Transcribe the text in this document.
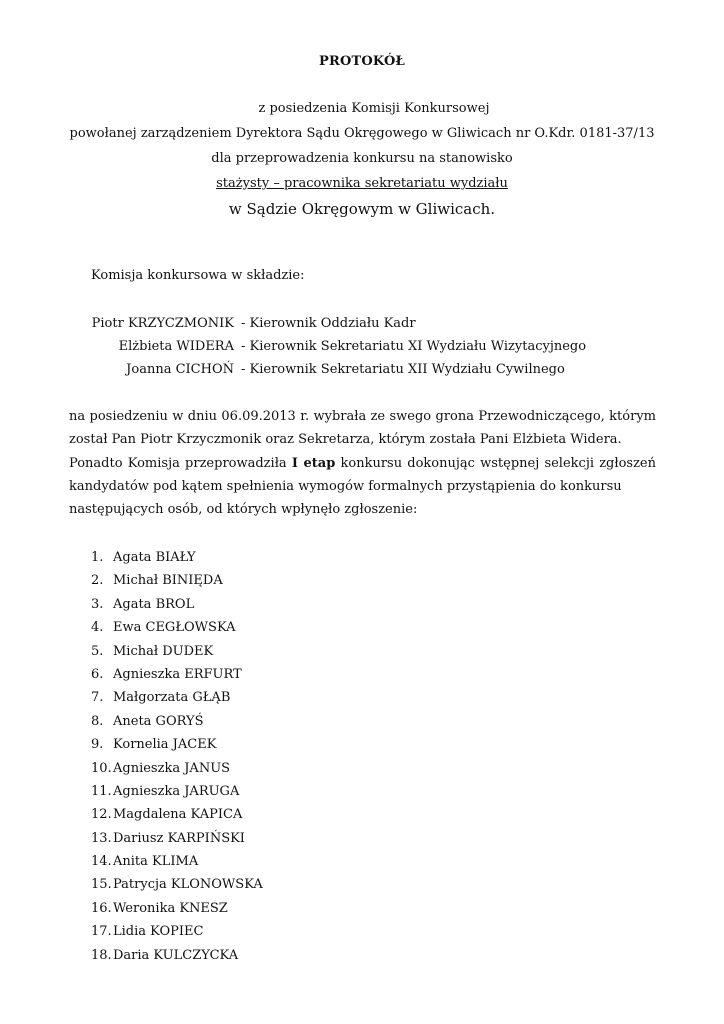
PROTOKÓŁ
z posiedzenia Komisji Konkursowej
powołanej zarządzeniem Dyrektora Sądu Okręgowego w Gliwicach nr O.Kdr. 0181-37/13
dla przeprowadzenia konkursu na stanowisko
stażysty – pracownika sekretariatu wydziału
w Sądzie Okręgowym w Gliwicach.
Komisja konkursowa w składzie:
Piotr KRZYCZMONIK - Kierownik Oddziału Kadr
Elżbieta WIDERA - Kierownik Sekretariatu XI Wydziału Wizytacyjnego
Joanna CICHOŃ - Kierownik Sekretariatu XII Wydziału Cywilnego

na posiedzeniu w dniu 06.09.2013 r. wybrała ze swego grona Przewodniczącego, którym został Pan Piotr Krzyczmonik oraz Sekretarza, którym została Pani Elżbieta Widera.

Ponadto Komisja przeprowadziła I etap konkursu dokonując wstępnej selekcji zgłoszeń kandydatów pod kątem spełnienia wymogów formalnych przystąpienia do konkursu

następujących osób, od których wpłynęło zgłoszenie:

1. Agata BIAŁY
2. Michał BINIĘDA
3. Agata BROL
4. Ewa CEGŁOWSKA
5. Michał DUDEK
6. Agnieszka ERFURT
7. Małgorzata GŁĄB
8. Aneta GORYŚ
9. Kornelia JACEK
10. Agnieszka JANUS
11. Agnieszka JARUGA
12. Magdalena KAPICA
13. Dariusz KARPIŃSKI
14. Anita KLIMA
15. Patrycja KLONOWSKA
16. Weronika KNESZ
17. Lidia KOPIEC
18. Daria KULCZYCKA
